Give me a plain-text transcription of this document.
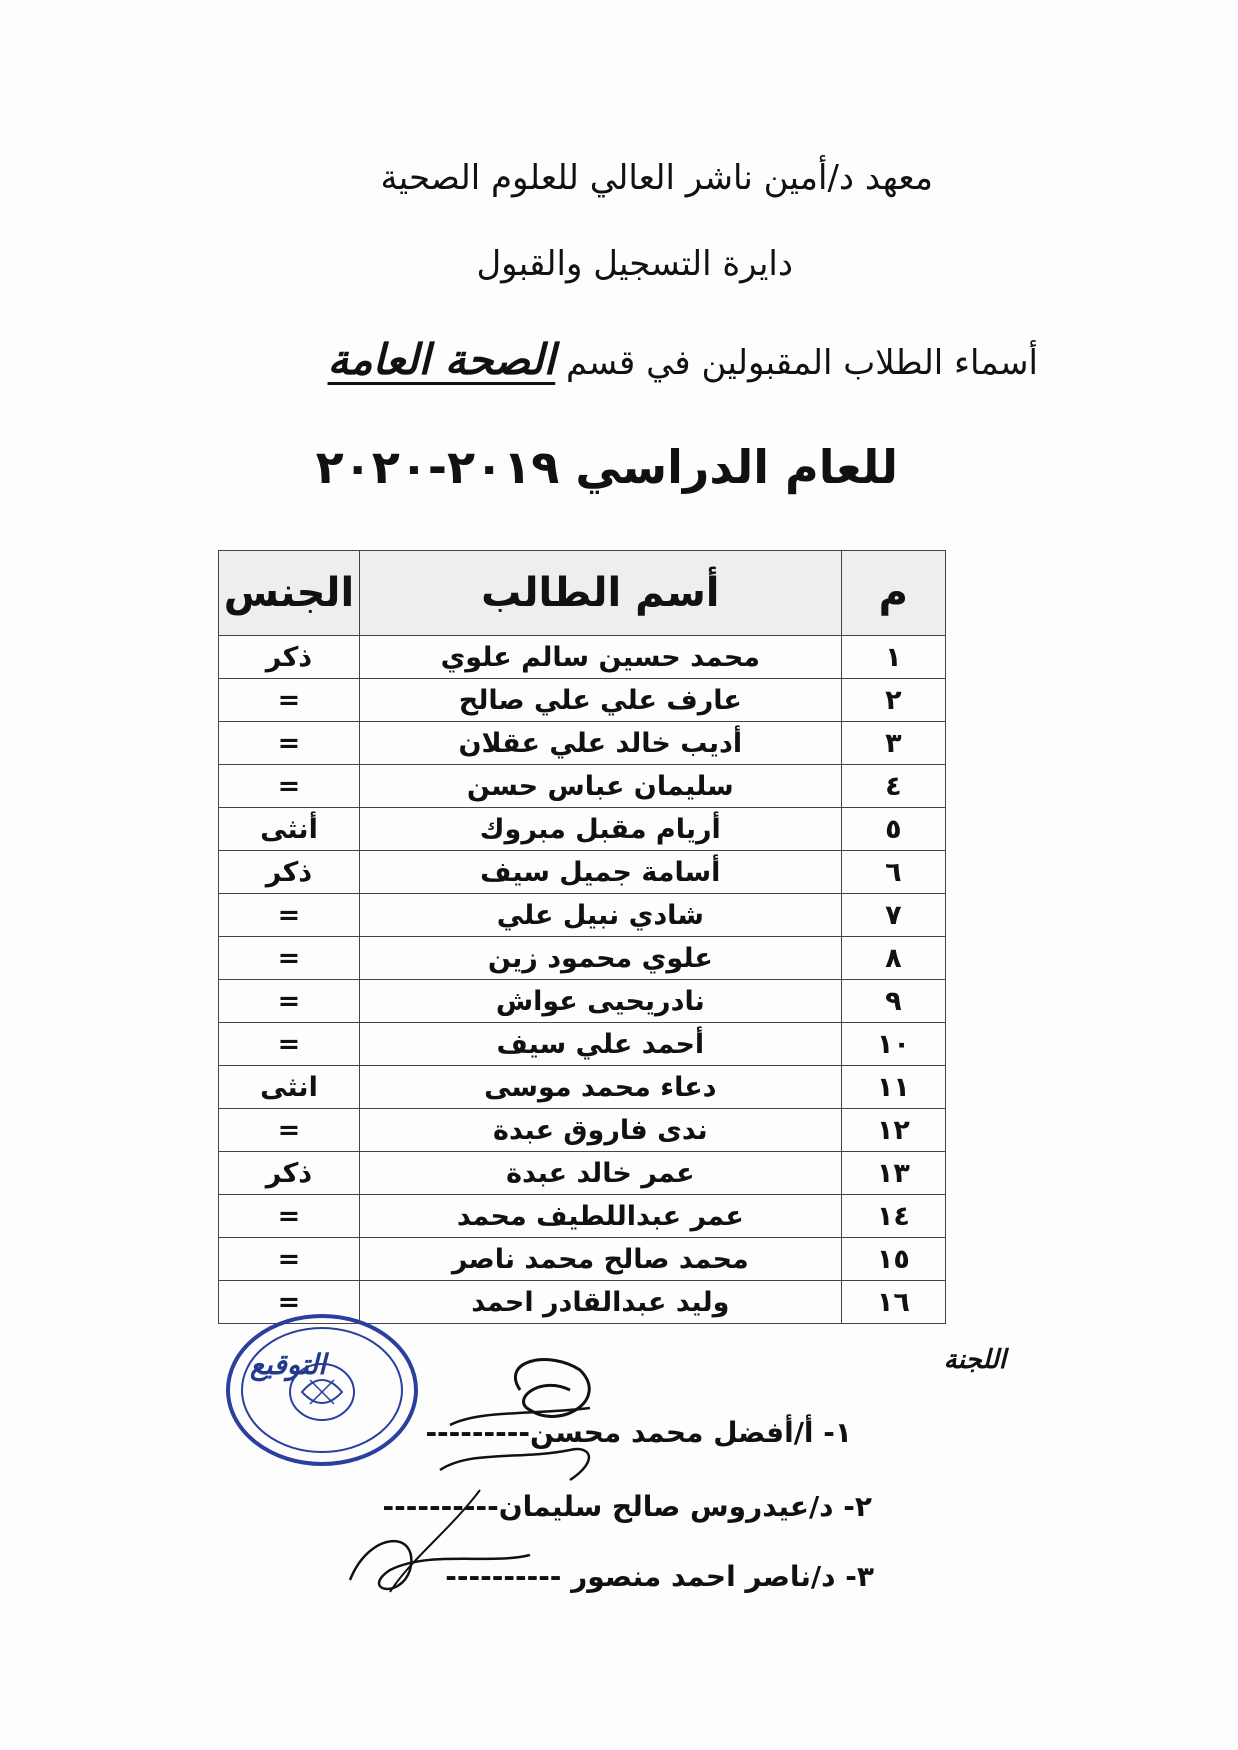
معهد د/أمين ناشر العالي للعلوم الصحية
دايرة التسجيل والقبول
أسماء الطلاب المقبولين في قسم الصحة العامة
للعام الدراسي ٢٠١٩-٢٠٢٠
م	أسم الطالب	الجنس
١	محمد حسين سالم علوي	ذكر
٢	عارف علي علي صالح	=
٣	أديب خالد علي عقلان	=
٤	سليمان عباس حسن	=
٥	أريام مقبل مبروك	أنثى
٦	أسامة جميل سيف	ذكر
٧	شادي نبيل علي	=
٨	علوي محمود زين	=
٩	نادريحيى عواش	=
١٠	أحمد علي سيف	=
١١	دعاء محمد موسى	انثى
١٢	ندى فاروق عبدة	=
١٣	عمر خالد عبدة	ذكر
١٤	عمر عبداللطيف محمد	=
١٥	محمد صالح محمد ناصر	=
١٦	وليد عبدالقادر احمد	=
اللجنة
التوقيع
١- أ/أفضل محمد محسن---------
٢- د/عيدروس صالح سليمان----------
٣- د/ناصر احمد منصور ----------
